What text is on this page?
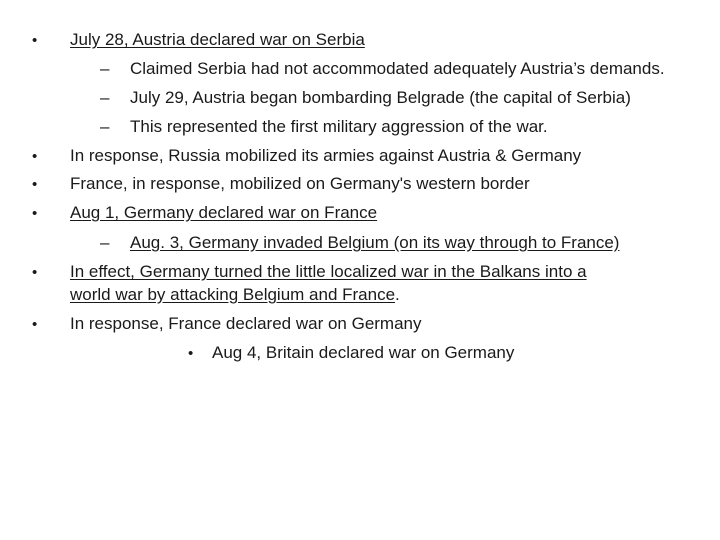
• July 28, Austria declared war on Serbia
– Claimed Serbia had not accommodated adequately Austria’s demands.
– July 29, Austria began bombarding Belgrade (the capital of Serbia)
– This represented the first military aggression of the war.
• In response, Russia mobilized its armies against Austria & Germany
• France, in response, mobilized on Germany's western border
• Aug 1, Germany declared war on France
– Aug. 3, Germany invaded Belgium (on its way through to France)
• In effect, Germany turned the little localized war in the Balkans into a
world war by attacking Belgium and France.
• In response, France declared war on Germany
• Aug 4, Britain declared war on Germany
